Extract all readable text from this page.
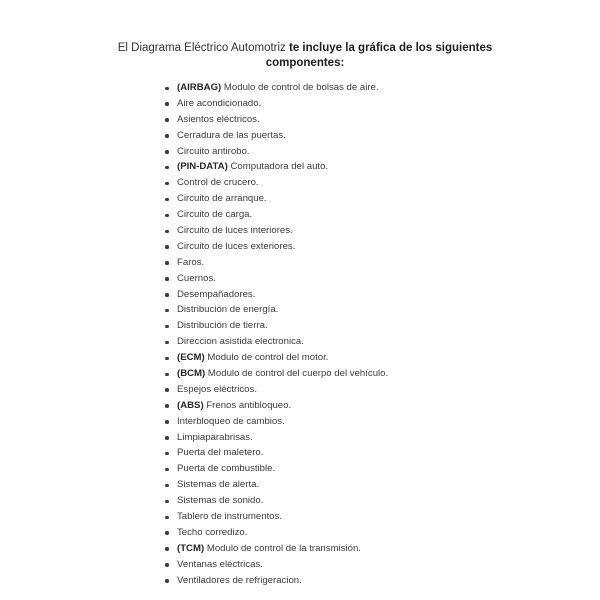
El Diagrama Eléctrico Automotriz te incluye la gráfica de los siguientes
componentes:
(AIRBAG) Modulo de control de bolsas de aire.
Aire acondicionado.
Asientos eléctricos.
Cerradura de las puertas.
Circuito antirobo.
(PIN-DATA) Computadora del auto.
Control de crucero.
Circuito de arranque.
Circuito de carga.
Circuito de luces interiores.
Circuito de luces exteriores.
Faros.
Cuernos.
Desempañadores.
Distribución de energía.
Distribución de tierra.
Direccion asistida electronica.
(ECM) Modulo de control del motor.
(BCM) Modulo de control del cuerpo del vehículo.
Espejos eléctricos.
(ABS) Frenos antibloqueo.
Interbloqueo de cambios.
Limpiaparabrisas.
Puerta del maletero.
Puerta de combustible.
Sistemas de alerta.
Sistemas de sonido.
Tablero de instrumentos.
Techo corredizo.
(TCM) Modulo de control de la transmisión.
Ventanas eléctricas.
Ventiladores de refrigeracion.
